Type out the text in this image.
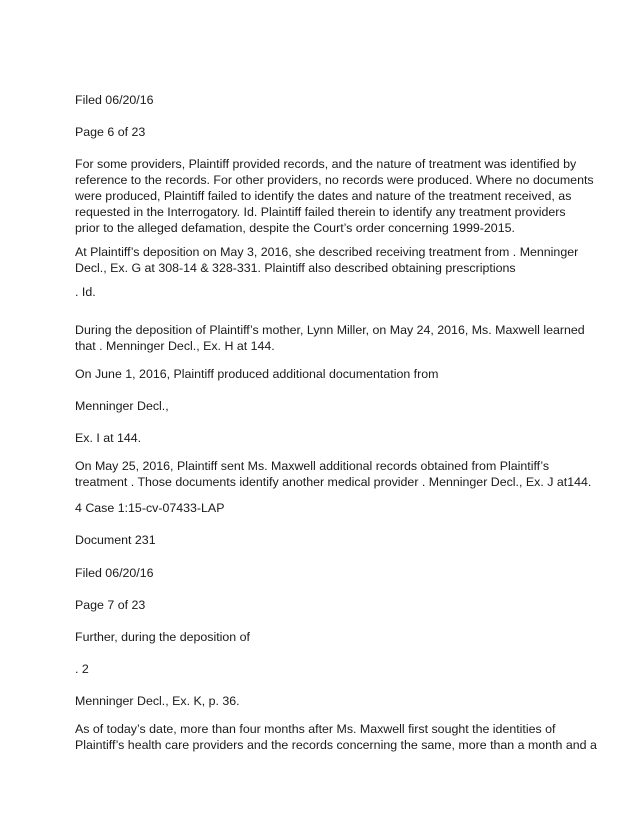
Filed 06/20/16

Page 6 of 23

For some providers, Plaintiff provided records, and the nature of treatment was identified by
reference to the records. For other providers, no records were produced. Where no documents
were produced, Plaintiff failed to identify the dates and nature of the treatment received, as
requested in the Interrogatory. Id. Plaintiff failed therein to identify any treatment providers
prior to the alleged defamation, despite the Court’s order concerning 1999-2015.

At Plaintiff’s deposition on May 3, 2016, she described receiving treatment from . Menninger
Decl., Ex. G at 308-14 & 328-331. Plaintiff also described obtaining prescriptions

. Id.

During the deposition of Plaintiff’s mother, Lynn Miller, on May 24, 2016, Ms. Maxwell learned
that . Menninger Decl., Ex. H at 144.

On June 1, 2016, Plaintiff produced additional documentation from

Menninger Decl.,

Ex. I at 144.

On May 25, 2016, Plaintiff sent Ms. Maxwell additional records obtained from Plaintiff’s
treatment . Those documents identify another medical provider . Menninger Decl., Ex. J at144.

4 Case 1:15-cv-07433-LAP

Document 231

Filed 06/20/16

Page 7 of 23

Further, during the deposition of

. 2

Menninger Decl., Ex. K, p. 36.

As of today’s date, more than four months after Ms. Maxwell first sought the identities of
Plaintiff’s health care providers and the records concerning the same, more than a month and a
